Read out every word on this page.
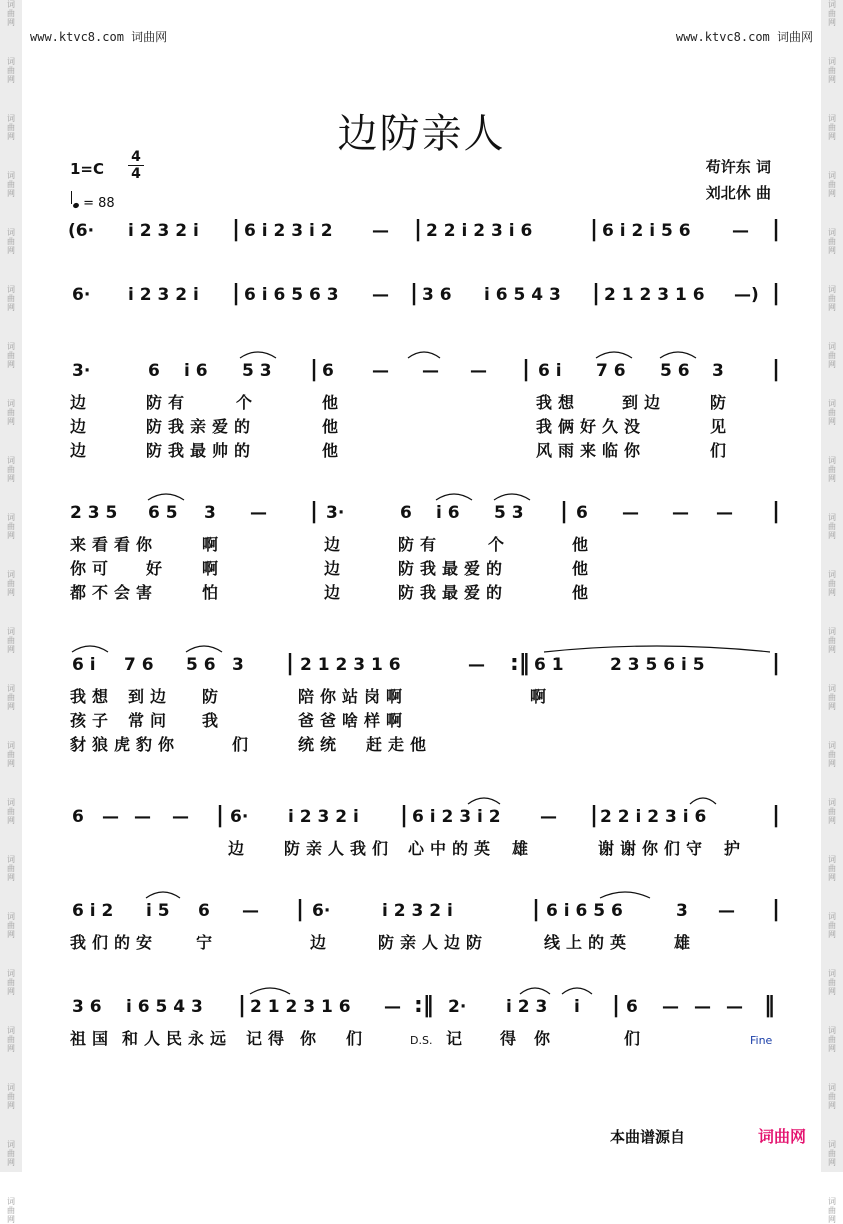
词
曲
网
词
曲
网
词
曲
网
词
曲
网
词
曲
网
词
曲
网
词
曲
网
词
曲
网
词
曲
网
词
曲
网
词
曲
网
词
曲
网
词
曲
网
词
曲
网
词
曲
网
词
曲
网
词
曲
网
词
曲
网
词
曲
网
词
曲
网
词
曲
网
词
曲
网
词
曲
网
词
曲
网
词
曲
网
词
曲
网
词
曲
网
词
曲
网
词
曲
网
词
曲
网
词
曲
网
词
曲
网
词
曲
网
词
曲
网
词
曲
网
词
曲
网
词
曲
网
词
曲
网
词
曲
网
词
曲
网
词
曲
网
词
曲
网
词
曲
网
词
曲
网
www.ktvc8.com 词曲网	www.ktvc8.com 词曲网
边防亲人
1=C
4
4
= 88
苟许东 词
刘北休 曲
(6· i 2 3 2 i | 6 i 2 3 i 2 — | 2 2 i 2 3 i 6	| 6 i 2 i 5 6 — |
6· i 2 3 2 i | 6 i 6 5 6 3 — | 3 6 i 6 5 4 3 | 2 1 2 3 1 6 —) |
3·	6 i 6 5 3 | 6 — — — | 6 i 7 6 5 6 3 |
边	防有	个	他	我想	到边	防
边	防我亲爱的	他	我俩好久没	见
边	防我最帅的	他	风雨来临你	们
2 3 5 6 5 3 — | 3·	6 i 6 5 3 | 6 — — — |
来看看你	啊	边	防有	个	他
你可 好 啊	边	防我最爱的	他
都不会害	怕	边	防我最爱的	他
6 i 7 6 5 6 3 | 2 1 2 3 1 6	— :‖ 6 1	2 3 5 6 i 5	|
我想 到边 防	陪你站岗啊	啊
孩子 常问 我	爸爸啥样啊
豺狼虎豹你	们	统统 赶走他
6 — — — | 6· i 2 3 2 i | 6 i 2 3 i 2 — | 2 2 i 2 3 i 6	|
边 防亲人我们 心中的英 雄	谢谢你们守 护
6 i 2 i 5 6 — | 6·	i 2 3 2 i	| 6 i 6 5 6	3 — |
我们的安 宁	边	防亲人边防	线上的英	雄
3 6 i 6 5 4 3 | 2 1 2 3 1 6 — :‖ 2· i 2 3 i | 6 — — — ‖
祖国 和人民永远 记得 你 们	D.S. 记 得 你	们	Fine
本曲谱源自	词曲网
